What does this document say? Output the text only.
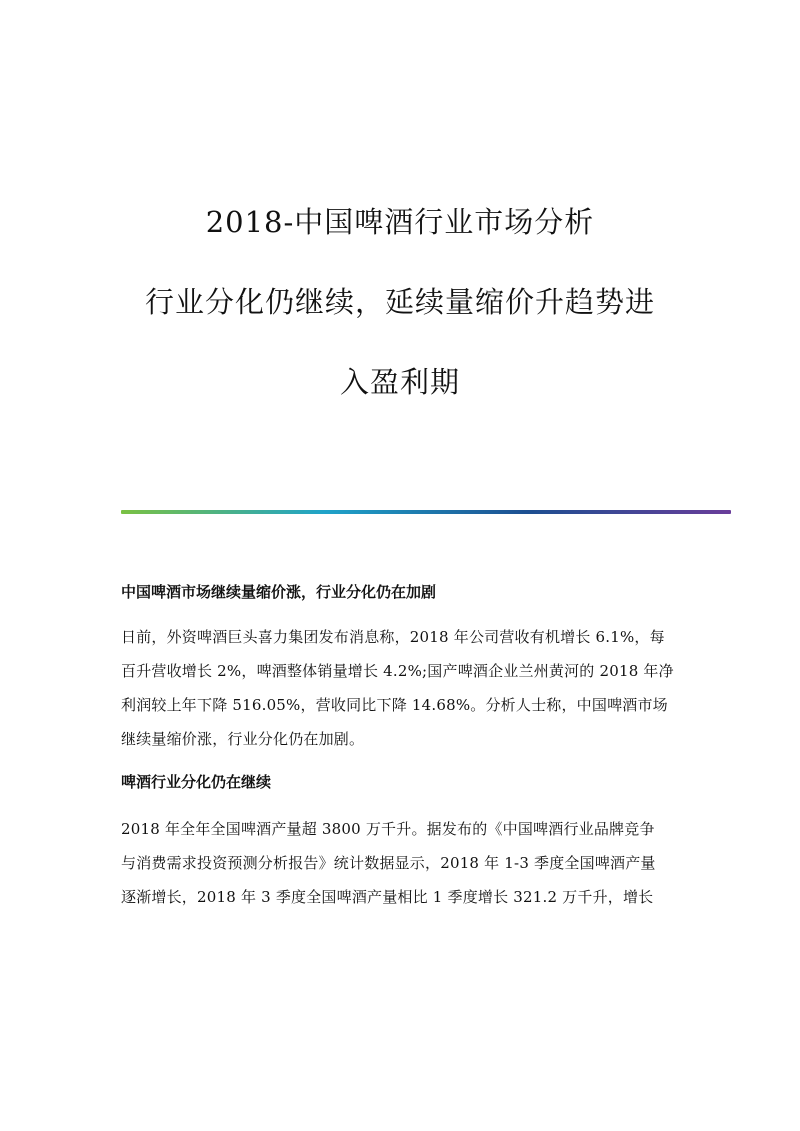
2018-中国啤酒行业市场分析
行业分化仍继续，延续量缩价升趋势进
入盈利期

中国啤酒市场继续量缩价涨，行业分化仍在加剧

日前，外资啤酒巨头喜力集团发布消息称，2018 年公司营收有机增长 6.1%，每
百升营收增长 2%，啤酒整体销量增长 4.2%;国产啤酒企业兰州黄河的 2018 年净
利润较上年下降 516.05%，营收同比下降 14.68%。分析人士称，中国啤酒市场
继续量缩价涨，行业分化仍在加剧。

啤酒行业分化仍在继续

2018 年全年全国啤酒产量超 3800 万千升。据发布的《中国啤酒行业品牌竞争
与消费需求投资预测分析报告》统计数据显示，2018 年 1-3 季度全国啤酒产量
逐渐增长，2018 年 3 季度全国啤酒产量相比 1 季度增长 321.2 万千升，增长
